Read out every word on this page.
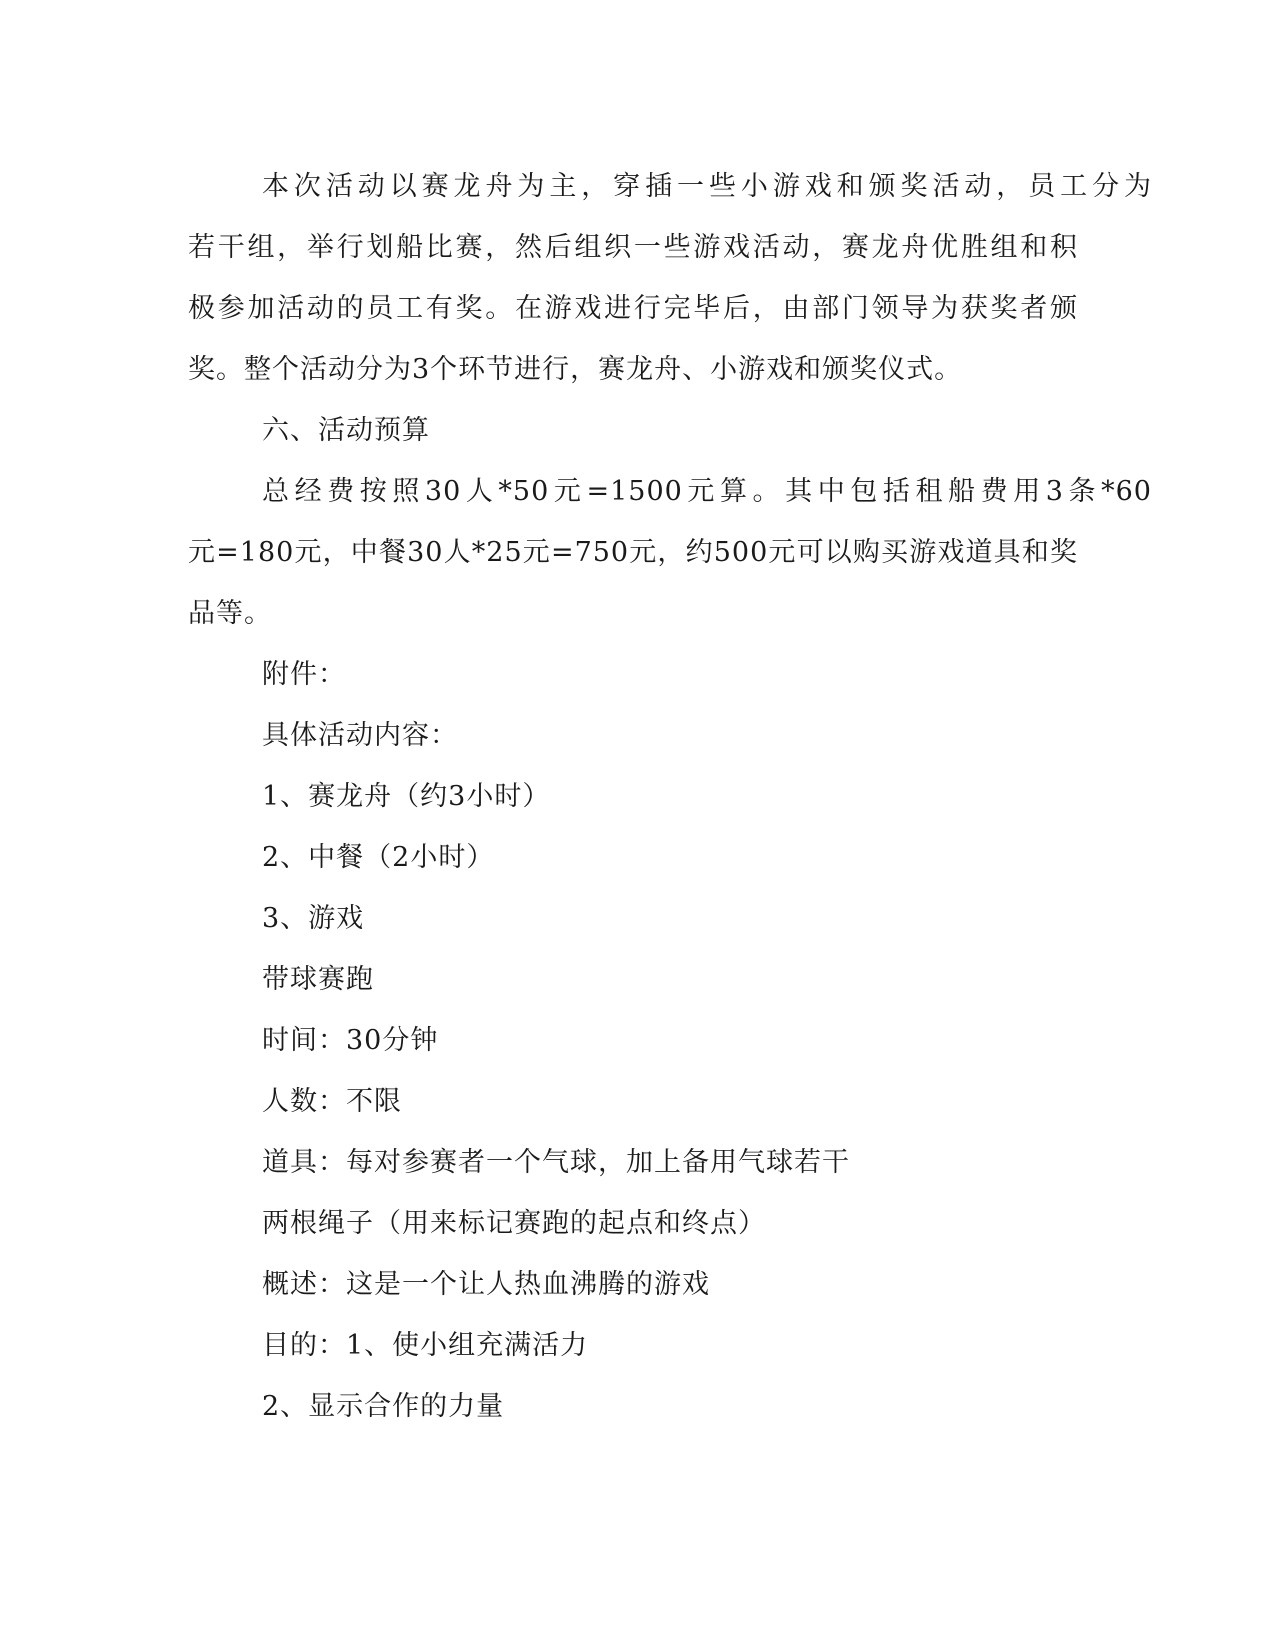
本次活动以赛龙舟为主，穿插一些小游戏和颁奖活动，员工分为
若干组，举行划船比赛，然后组织一些游戏活动，赛龙舟优胜组和积
极参加活动的员工有奖。在游戏进行完毕后，由部门领导为获奖者颁
奖。整个活动分为3个环节进行，赛龙舟、小游戏和颁奖仪式。
六、活动预算
总经费按照30人*50元=1500元算。其中包括租船费用3条*60
元=180元，中餐30人*25元=750元，约500元可以购买游戏道具和奖
品等。
附件：
具体活动内容：
1、赛龙舟（约3小时）
2、中餐（2小时）
3、游戏
带球赛跑
时间：30分钟
人数：不限
道具：每对参赛者一个气球，加上备用气球若干
两根绳子（用来标记赛跑的起点和终点）
概述：这是一个让人热血沸腾的游戏
目的：1、使小组充满活力
2、显示合作的力量
